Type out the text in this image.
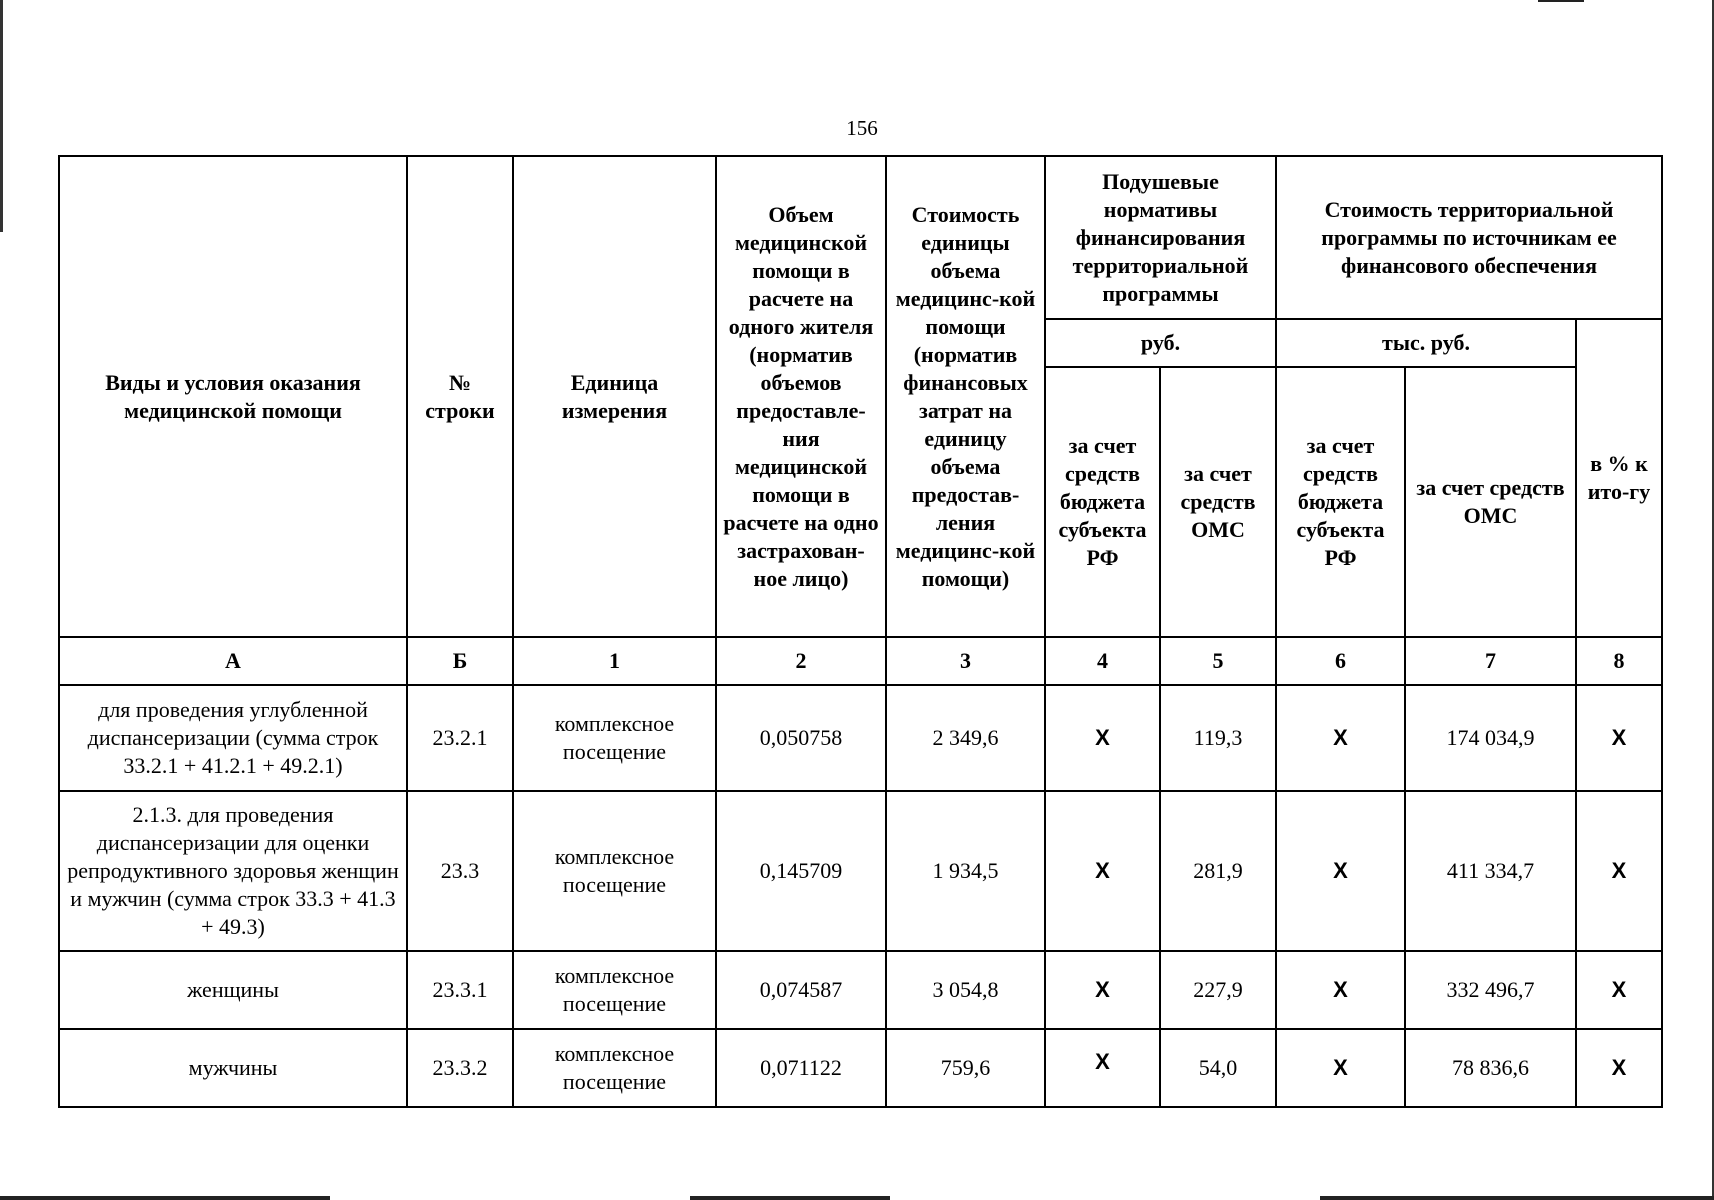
156
Виды и условия оказания медицинской помощи	№ строки	Единица измерения	Объем медицинской помощи в расчете на одного жителя (норматив объемов предоставле-ния медицинской помощи в расчете на одно застрахован-ное лицо)	Стоимость единицы объема медицинс-кой помощи (норматив финансовых затрат на единицу объема предостав-ления медицинс-кой помощи)	Подушевые нормативы финансирования территориальной программы		Стоимость территориальной программы по источникам ее финансового обеспечения		
					руб.		тыс. руб.		в % к ито-гу
					за счет средств бюджета субъекта РФ	за счет средств ОМС	за счет средств бюджета субъекта РФ	за счет средств ОМС	
А	Б	1	2	3	4	5	6	7	8
для проведения углубленной диспансеризации (сумма строк 33.2.1 + 41.2.1 + 49.2.1)	23.2.1	комплексное посещение	0,050758	2 349,6	Х	119,3	Х	174 034,9	Х
2.1.3. для проведения диспансеризации для оценки репродуктивного здоровья женщин и мужчин (сумма строк 33.3 + 41.3 + 49.3)	23.3	комплексное посещение	0,145709	1 934,5	Х	281,9	Х	411 334,7	Х
женщины	23.3.1	комплексное посещение	0,074587	3 054,8	Х	227,9	Х	332 496,7	Х
мужчины	23.3.2	комплексное посещение	0,071122	759,6	Х	54,0	Х	78 836,6	Х
